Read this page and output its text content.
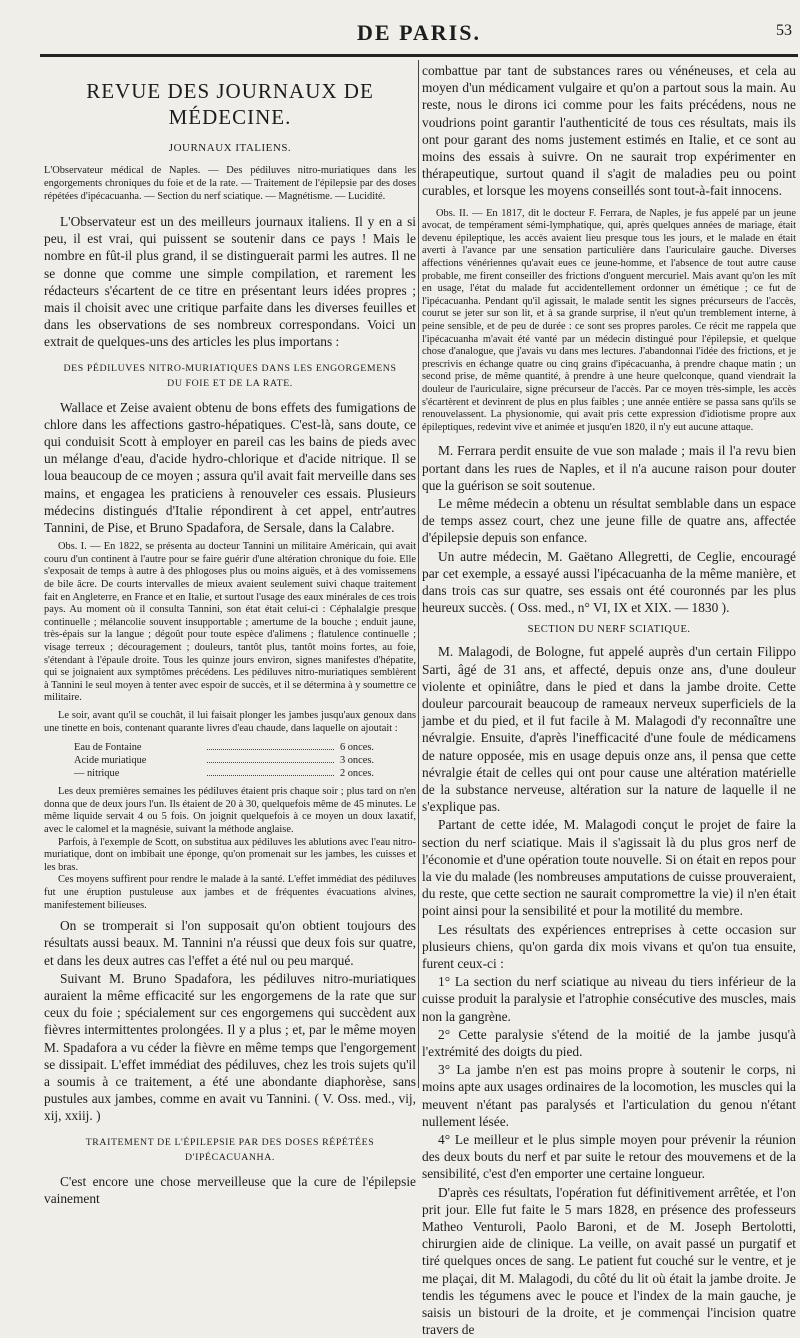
DE PARIS.	53
REVUE DES JOURNAUX DE MÉDECINE.
JOURNAUX ITALIENS.

L'Observateur médical de Naples. — Des pédiluves nitro-muriatiques dans les engorgements chroniques du foie et de la rate. — Traitement de l'épilepsie par des doses répétées d'ipécacuanha. — Section du nerf sciatique. — Magnétisme. — Lucidité.

L'Observateur est un des meilleurs journaux italiens. Il y en a si peu, il est vrai, qui puissent se soutenir dans ce pays ! Mais le nombre en fût-il plus grand, il se distinguerait parmi les autres. Il ne se donne que comme une simple compilation, et rarement les rédacteurs s'écartent de ce titre en présentant leurs idées propres ; mais il choisit avec une critique parfaite dans les diverses feuilles et dans les observations de ses nombreux correspondans. Voici un extrait de quelques-uns des articles les plus importans :

DES PÉDILUVES NITRO-MURIATIQUES DANS LES ENGORGEMENS
DU FOIE ET DE LA RATE.

Wallace et Zeise avaient obtenu de bons effets des fumigations de chlore dans les affections gastro-hépatiques. C'est-là, sans doute, ce qui conduisit Scott à employer en pareil cas les bains de pieds avec un mélange d'eau, d'acide hydro-chlorique et d'acide nitrique. Il se loua beaucoup de ce moyen ; assura qu'il avait fait merveille dans ses mains, et engagea les praticiens à renouveler ces essais. Plusieurs médecins distingués d'Italie répondirent à cet appel, entr'autres Tannini, de Pise, et Bruno Spadafora, de Sersale, dans la Calabre.

Obs. I. — En 1822, se présenta au docteur Tannini un militaire Américain, qui avait couru d'un continent à l'autre pour se faire guérir d'une altération chronique du foie. Elle s'exposait de temps à autre à des phlogoses plus ou moins aiguës, et à des vomissemens de bile âcre. De courts intervalles de mieux avaient seulement suivi chaque traitement fait en Angleterre, en France et en Italie, et surtout l'usage des eaux minérales de ces trois pays. Au moment où il consulta Tannini, son état était celui-ci : Céphalalgie presque continuelle ; mélancolie souvent insupportable ; amertume de la bouche ; enduit jaune, très-épais sur la langue ; dégoût pour toute espèce d'alimens ; flatulence continuelle ; visage terreux ; découragement ; douleurs, tantôt plus, tantôt moins fortes, au foie, s'étendant à l'épaule droite. Tous les quinze jours environ, signes manifestes d'hépatite, qui se joignaient aux symptômes précédens. Les pédiluves nitro-muriatiques semblèrent à Tannini le seul moyen à tenter avec espoir de succès, et il se détermina à y soumettre ce militaire.

Le soir, avant qu'il se couchât, il lui faisait plonger les jambes jusqu'aux genoux dans une tinette en bois, contenant quarante livres d'eau chaude, dans laquelle on ajoutait :

Eau de Fontaine	6 onces.
Acide muriatique	3 onces.
— nitrique	2 onces.

Les deux premières semaines les pédiluves étaient pris chaque soir ; plus tard on n'en donna que de deux jours l'un. Ils étaient de 20 à 30, quelquefois même de 45 minutes. Le même liquide servait 4 ou 5 fois. On joignit quelquefois à ce moyen un doux laxatif, avec le calomel et la magnésie, suivant la méthode anglaise.

Parfois, à l'exemple de Scott, on substitua aux pédiluves les ablutions avec l'eau nitro-muriatique, dont on imbibait une éponge, qu'on promenait sur les jambes, les cuisses et les bras.

Ces moyens suffirent pour rendre le malade à la santé. L'effet immédiat des pédiluves fut une éruption pustuleuse aux jambes et de fréquentes évacuations alvines, manifestement bilieuses.

On se tromperait si l'on supposait qu'on obtient toujours des résultats aussi beaux. M. Tannini n'a réussi que deux fois sur quatre, et dans les deux autres cas l'effet a été nul ou peu marqué.

Suivant M. Bruno Spadafora, les pédiluves nitro-muriatiques auraient la même efficacité sur les engorgemens de la rate que sur ceux du foie ; spécialement sur ces engorgemens qui succèdent aux fièvres intermittentes prolongées. Il y a plus ; et, par le même moyen M. Spadafora a vu céder la fièvre en même temps que l'engorgement se dissipait. L'effet immédiat des pédiluves, chez les trois sujets qu'il a soumis à ce traitement, a été une abondante diaphorèse, sans pustules aux jambes, comme en avait vu Tannini. ( V. Oss. med., vij, xij, xxiij. )

TRAITEMENT DE L'ÉPILEPSIE PAR DES DOSES RÉPÉTÉES
D'IPÉCACUANHA.

C'est encore une chose merveilleuse que la cure de l'épilepsie vainement

combattue par tant de substances rares ou vénéneuses, et cela au moyen d'un médicament vulgaire et qu'on a partout sous la main. Au reste, nous le dirons ici comme pour les faits précédens, nous ne voudrions point garantir l'authenticité de tous ces résultats, mais ils ont pour garant des noms justement estimés en Italie, et ce sont au moins des essais à suivre. On ne saurait trop expérimenter en thérapeutique, surtout quand il s'agit de maladies peu ou point curables, et lorsque les moyens conseillés sont tout-à-fait innocens.

Obs. II. — En 1817, dit le docteur F. Ferrara, de Naples, je fus appelé par un jeune avocat, de tempérament sémi-lymphatique, qui, après quelques années de mariage, était devenu épileptique, les accès avaient lieu presque tous les jours, et le malade en était averti à l'avance par une sensation particulière dans l'auriculaire gauche. Diverses affections vénériennes qu'avait eues ce jeune-homme, et l'absence de tout autre cause probable, me firent conseiller des frictions d'onguent mercuriel. Mais avant qu'on les mît en usage, l'état du malade fut accidentellement ordonner un émétique ; ce fut de l'ipécacuanha. Pendant qu'il agissait, le malade sentit les signes précurseurs de l'accès, courut se jeter sur son lit, et à sa grande surprise, il n'eut qu'un tremblement interne, à peine sensible, et de peu de durée : ce sont ses propres paroles. Ce récit me rappela que l'ipécacuanha m'avait été vanté par un médecin distingué pour l'épilepsie, et quelque chose d'analogue, que j'avais vu dans mes lectures. J'abandonnai l'idée des frictions, et je prescrivis en échange quatre ou cinq grains d'ipécacuanha, à prendre chaque matin ; un second prise, de même quantité, à prendre à une heure quelconque, quand viendrait la douleur de l'auriculaire, signe précurseur de l'accès. Par ce moyen très-simple, les accès s'écartèrent et devinrent de plus en plus faibles ; une année entière se passa sans qu'ils se renouvelassent. La physionomie, qui avait pris cette expression d'idiotisme propre aux épileptiques, redevint vive et animée et jusqu'en 1820, il n'y eut aucune attaque.

M. Ferrara perdit ensuite de vue son malade ; mais il l'a revu bien portant dans les rues de Naples, et il n'a aucune raison pour douter que la guérison se soit soutenue.

Le même médecin a obtenu un résultat semblable dans un espace de temps assez court, chez une jeune fille de quatre ans, affectée d'épilepsie depuis son enfance.

Un autre médecin, M. Gaëtano Allegretti, de Ceglie, encouragé par cet exemple, a essayé aussi l'ipécacuanha de la même manière, et dans trois cas sur quatre, ses essais ont été couronnés par les plus heureux succès. ( Oss. med., n° VI, IX et XIX. — 1830 ).

SECTION DU NERF SCIATIQUE.

M. Malagodi, de Bologne, fut appelé auprès d'un certain Filippo Sarti, âgé de 31 ans, et affecté, depuis onze ans, d'une douleur violente et opiniâtre, dans le pied et dans la jambe droite. Cette douleur parcourait beaucoup de rameaux nerveux superficiels de la jambe et du pied, et il fut facile à M. Malagodi d'y reconnaître une névralgie. Ensuite, d'après l'inefficacité d'une foule de médicamens de nature opposée, mis en usage depuis onze ans, il pensa que cette névralgie était de celles qui ont pour cause une altération matérielle de la substance nerveuse, altération sur la nature de laquelle il ne s'explique pas.

Partant de cette idée, M. Malagodi conçut le projet de faire la section du nerf sciatique. Mais il s'agissait là du plus gros nerf de l'économie et d'une opération toute nouvelle. Si on était en repos pour la vie du malade (les nombreuses amputations de cuisse prouveraient, du reste, que cette section ne saurait compromettre la vie) il n'en était point ainsi pour la sensibilité et pour la motilité du membre.

Les résultats des expériences entreprises à cette occasion sur plusieurs chiens, qu'on garda dix mois vivans et qu'on tua ensuite, furent ceux-ci :

1° La section du nerf sciatique au niveau du tiers inférieur de la cuisse produit la paralysie et l'atrophie consécutive des muscles, mais non la gangrène.

2° Cette paralysie s'étend de la moitié de la jambe jusqu'à l'extrémité des doigts du pied.

3° La jambe n'en est pas moins propre à soutenir le corps, ni moins apte aux usages ordinaires de la locomotion, les muscles qui la meuvent n'étant pas paralysés et l'articulation du genou n'étant nullement lésée.

4° Le meilleur et le plus simple moyen pour prévenir la réunion des deux bouts du nerf et par suite le retour des mouvemens et de la sensibilité, c'est d'en emporter une certaine longueur.

D'après ces résultats, l'opération fut définitivement arrêtée, et l'on prit jour. Elle fut faite le 5 mars 1828, en présence des professeurs Matheo Venturoli, Paolo Baroni, et de M. Joseph Bertolotti, chirurgien aide de clinique. La veille, on avait passé un purgatif et tiré quelques onces de sang. Le patient fut couché sur le ventre, et je me plaçai, dit M. Malagodi, du côté du lit où était la jambe droite. Je tendis les tégumens avec le pouce et l'index de la main gauche, je saisis un bistouri de la droite, et je commençai l'incision quatre travers de
